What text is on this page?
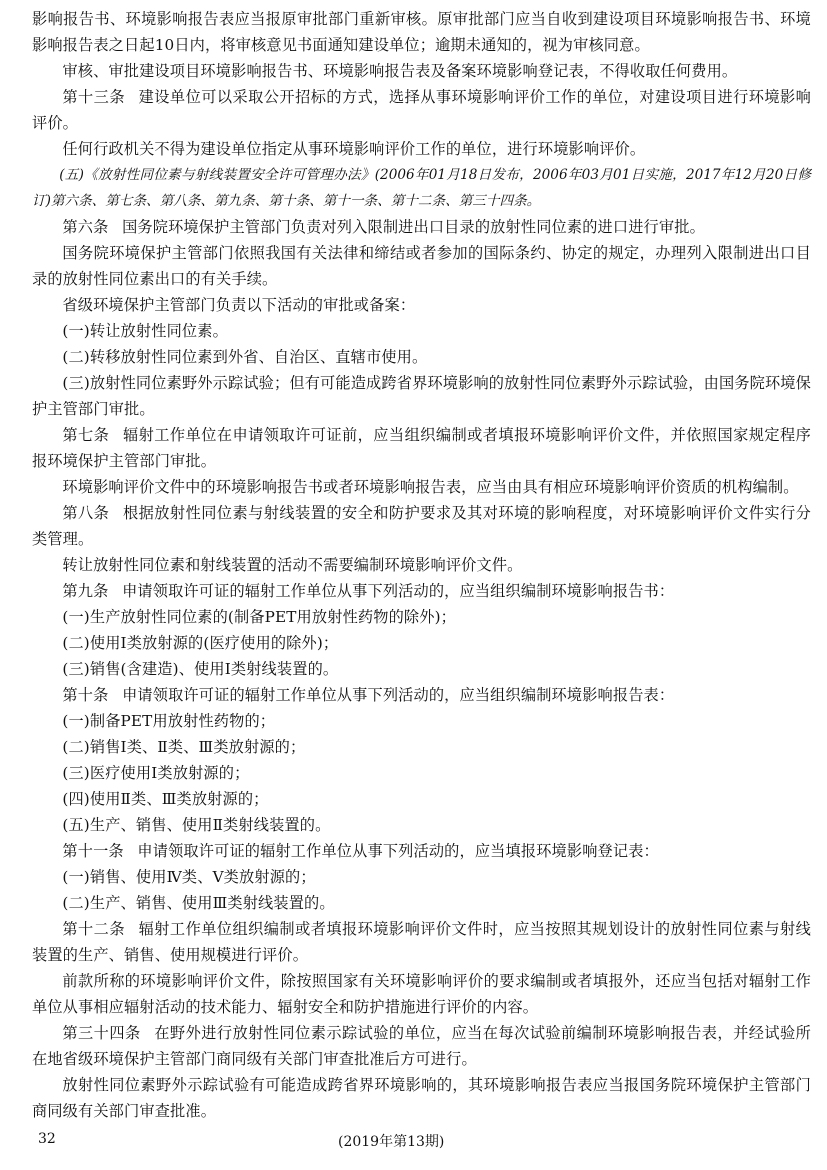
影响报告书、环境影响报告表应当报原审批部门重新审核。原审批部门应当自收到建设项目环境影响报告书、环境影响报告表之日起10日内，将审核意见书面通知建设单位；逾期未通知的，视为审核同意。

审核、审批建设项目环境影响报告书、环境影响报告表及备案环境影响登记表，不得收取任何费用。

第十三条 建设单位可以采取公开招标的方式，选择从事环境影响评价工作的单位，对建设项目进行环境影响评价。

任何行政机关不得为建设单位指定从事环境影响评价工作的单位，进行环境影响评价。

(五)《放射性同位素与射线装置安全许可管理办法》(2006年01月18日发布，2006年03月01日实施，2017年12月20日修订)第六条、第七条、第八条、第九条、第十条、第十一条、第十二条、第三十四条。

第六条 国务院环境保护主管部门负责对列入限制进出口目录的放射性同位素的进口进行审批。

国务院环境保护主管部门依照我国有关法律和缔结或者参加的国际条约、协定的规定，办理列入限制进出口目录的放射性同位素出口的有关手续。

省级环境保护主管部门负责以下活动的审批或备案：

(一)转让放射性同位素。

(二)转移放射性同位素到外省、自治区、直辖市使用。

(三)放射性同位素野外示踪试验；但有可能造成跨省界环境影响的放射性同位素野外示踪试验，由国务院环境保护主管部门审批。

第七条 辐射工作单位在申请领取许可证前，应当组织编制或者填报环境影响评价文件，并依照国家规定程序报环境保护主管部门审批。

环境影响评价文件中的环境影响报告书或者环境影响报告表，应当由具有相应环境影响评价资质的机构编制。

第八条 根据放射性同位素与射线装置的安全和防护要求及其对环境的影响程度，对环境影响评价文件实行分类管理。

转让放射性同位素和射线装置的活动不需要编制环境影响评价文件。

第九条 申请领取许可证的辐射工作单位从事下列活动的，应当组织编制环境影响报告书：

(一)生产放射性同位素的(制备PET用放射性药物的除外)；

(二)使用Ⅰ类放射源的(医疗使用的除外)；

(三)销售(含建造)、使用Ⅰ类射线装置的。

第十条 申请领取许可证的辐射工作单位从事下列活动的，应当组织编制环境影响报告表：

(一)制备PET用放射性药物的；

(二)销售Ⅰ类、Ⅱ类、Ⅲ类放射源的；

(三)医疗使用Ⅰ类放射源的；

(四)使用Ⅱ类、Ⅲ类放射源的；

(五)生产、销售、使用Ⅱ类射线装置的。

第十一条 申请领取许可证的辐射工作单位从事下列活动的，应当填报环境影响登记表：

(一)销售、使用Ⅳ类、Ⅴ类放射源的；

(二)生产、销售、使用Ⅲ类射线装置的。

第十二条 辐射工作单位组织编制或者填报环境影响评价文件时，应当按照其规划设计的放射性同位素与射线装置的生产、销售、使用规模进行评价。

前款所称的环境影响评价文件，除按照国家有关环境影响评价的要求编制或者填报外，还应当包括对辐射工作单位从事相应辐射活动的技术能力、辐射安全和防护措施进行评价的内容。

第三十四条 在野外进行放射性同位素示踪试验的单位，应当在每次试验前编制环境影响报告表，并经试验所在地省级环境保护主管部门商同级有关部门审查批准后方可进行。

放射性同位素野外示踪试验有可能造成跨省界环境影响的，其环境影响报告表应当报国务院环境保护主管部门商同级有关部门审查批准。

32	(2019年第13期)
